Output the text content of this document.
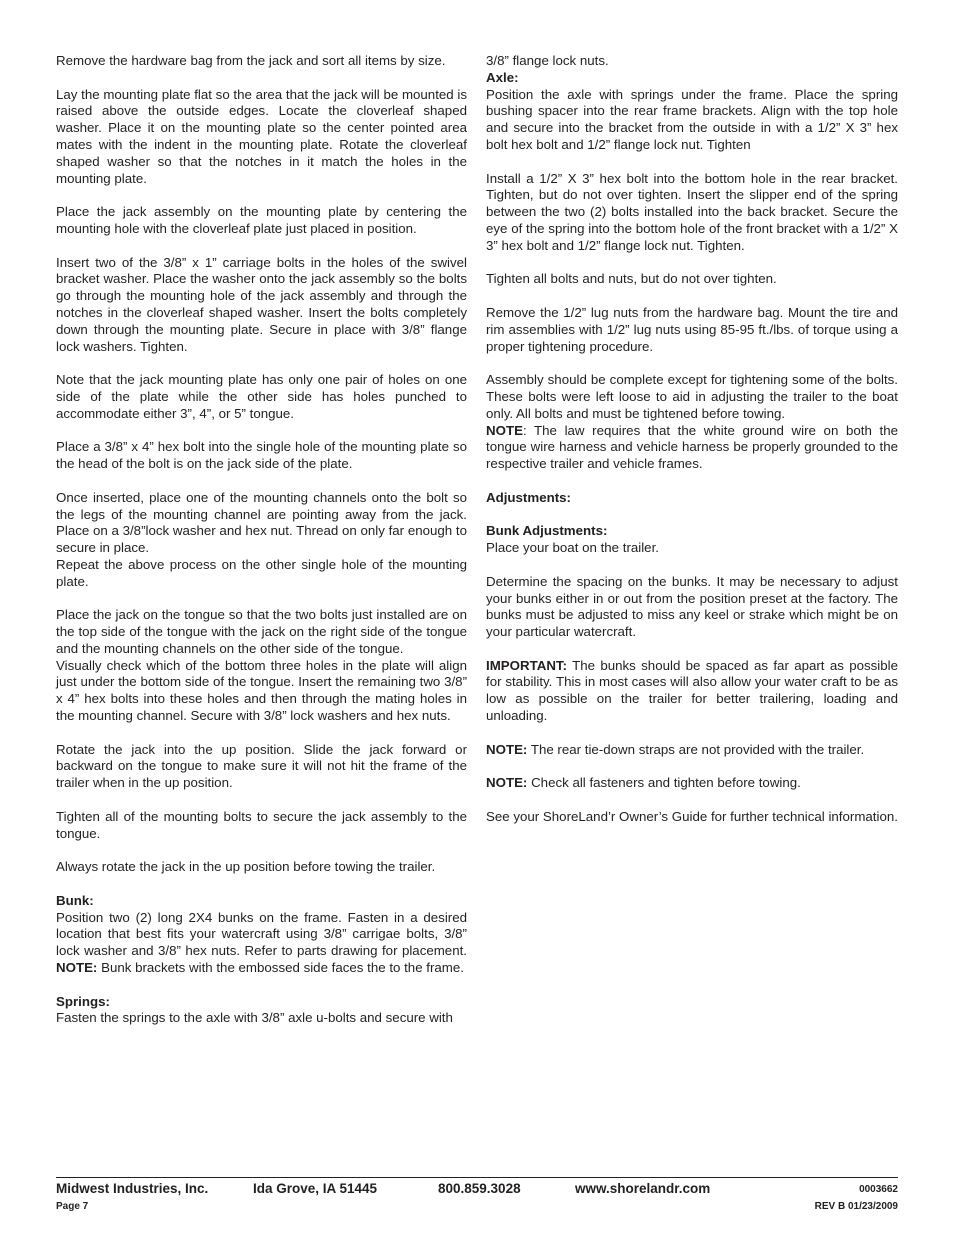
Remove the hardware bag from the jack and sort all items by size.

Lay the mounting plate flat so the area that the jack will be mounted is raised above the outside edges. Locate the cloverleaf shaped washer. Place it on the mounting plate so the center pointed area mates with the indent in the mounting plate. Rotate the cloverleaf shaped washer so that the notches in it match the holes in the mounting plate.

Place the jack assembly on the mounting plate by centering the mounting hole with the cloverleaf plate just placed in position.

Insert two of the 3/8” x 1” carriage bolts in the holes of the swivel bracket washer. Place the washer onto the jack assembly so the bolts go through the mounting hole of the jack assembly and through the notches in the cloverleaf shaped washer. Insert the bolts completely down through the mounting plate. Secure in place with 3/8” flange lock washers. Tighten.

Note that the jack mounting plate has only one pair of holes on one side of the plate while the other side has holes punched to accommodate either 3”, 4”, or 5” tongue.

Place a 3/8” x 4” hex bolt into the single hole of the mounting plate so the head of the bolt is on the jack side of the plate.

Once inserted, place one of the mounting channels onto the bolt so the legs of the mounting channel are pointing away from the jack. Place on a 3/8”lock washer and hex nut. Thread on only far enough to secure in place.

Repeat the above process on the other single hole of the mounting plate.

Place the jack on the tongue so that the two bolts just installed are on the top side of the tongue with the jack on the right side of the tongue and the mounting channels on the other side of the tongue.

Visually check which of the bottom three holes in the plate will align just under the bottom side of the tongue. Insert the remaining two 3/8” x 4” hex bolts into these holes and then through the mating holes in the mounting channel. Secure with 3/8” lock washers and hex nuts.

Rotate the jack into the up position. Slide the jack forward or backward on the tongue to make sure it will not hit the frame of the trailer when in the up position.

Tighten all of the mounting bolts to secure the jack assembly to the tongue.

Always rotate the jack in the up position before towing the trailer.

Bunk:
Position two (2) long 2X4 bunks on the frame. Fasten in a desired location that best fits your watercraft using 3/8” carrigae bolts, 3/8” lock washer and 3/8” hex nuts. Refer to parts drawing for placement. NOTE: Bunk brackets with the embossed side faces the to the frame.

Springs:
Fasten the springs to the axle with 3/8” axle u-bolts and secure with

3/8” flange lock nuts.

Axle:
Position the axle with springs under the frame. Place the spring bushing spacer into the rear frame brackets. Align with the top hole and secure into the bracket from the outside in with a 1/2” X 3” hex bolt hex bolt and 1/2” flange lock nut. Tighten

Install a 1/2” X 3” hex bolt into the bottom hole in the rear bracket. Tighten, but do not over tighten. Insert the slipper end of the spring between the two (2) bolts installed into the back bracket. Secure the eye of the spring into the bottom hole of the front bracket with a 1/2” X 3” hex bolt and 1/2” flange lock nut. Tighten.

Tighten all bolts and nuts, but do not over tighten.

Remove the 1/2” lug nuts from the hardware bag. Mount the tire and rim assemblies with 1/2” lug nuts using 85-95 ft./lbs. of torque using a proper tightening procedure.

Assembly should be complete except for tightening some of the bolts. These bolts were left loose to aid in adjusting the trailer to the boat only. All bolts and must be tightened before towing.
NOTE: The law requires that the white ground wire on both the tongue wire harness and vehicle harness be properly grounded to the respective trailer and vehicle frames.

Adjustments:

Bunk Adjustments:
Place your boat on the trailer.

Determine the spacing on the bunks. It may be necessary to adjust your bunks either in or out from the position preset at the factory. The bunks must be adjusted to miss any keel or strake which might be on your particular watercraft.

IMPORTANT: The bunks should be spaced as far apart as possible for stability. This in most cases will also allow your water craft to be as low as possible on the trailer for better trailering, loading and unloading.

NOTE: The rear tie-down straps are not provided with the trailer.

NOTE: Check all fasteners and tighten before towing.

See your ShoreLand’r Owner’s Guide for further technical information.

Midwest Industries, Inc.	Ida Grove, IA 51445	800.859.3028	www.shorelandr.com	0003662
Page 7	REV B 01/23/2009
